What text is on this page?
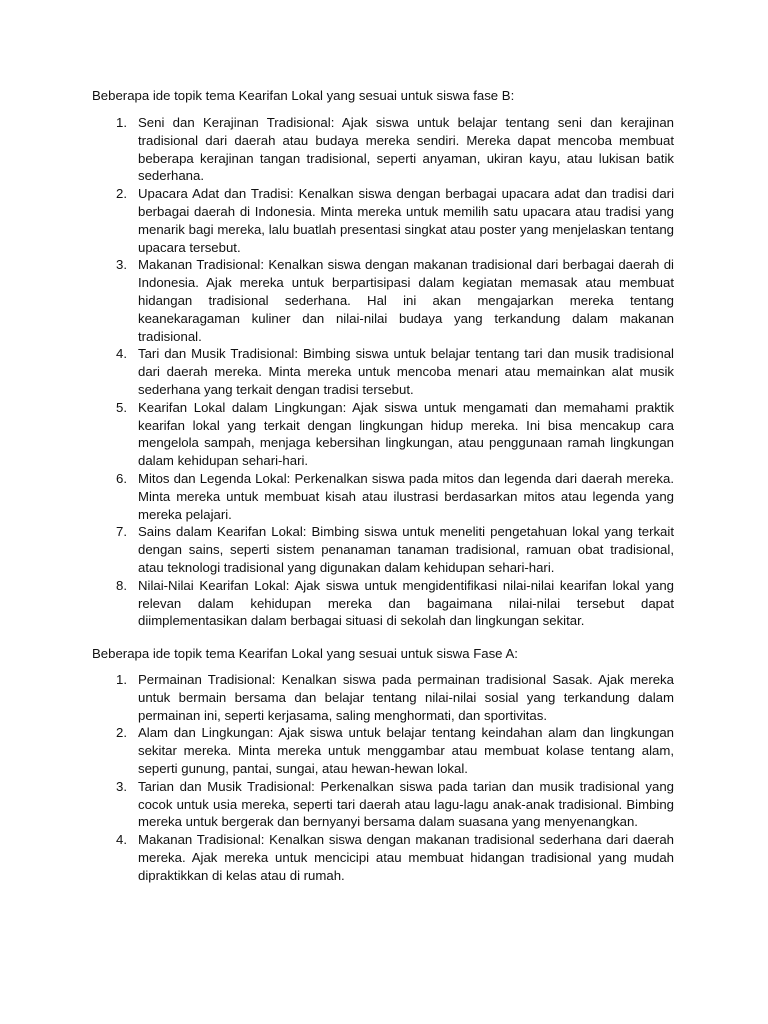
Beberapa ide topik tema Kearifan Lokal yang sesuai untuk siswa fase B:
1. Seni dan Kerajinan Tradisional: Ajak siswa untuk belajar tentang seni dan kerajinan tradisional dari daerah atau budaya mereka sendiri. Mereka dapat mencoba membuat beberapa kerajinan tangan tradisional, seperti anyaman, ukiran kayu, atau lukisan batik sederhana.
2. Upacara Adat dan Tradisi: Kenalkan siswa dengan berbagai upacara adat dan tradisi dari berbagai daerah di Indonesia. Minta mereka untuk memilih satu upacara atau tradisi yang menarik bagi mereka, lalu buatlah presentasi singkat atau poster yang menjelaskan tentang upacara tersebut.
3. Makanan Tradisional: Kenalkan siswa dengan makanan tradisional dari berbagai daerah di Indonesia. Ajak mereka untuk berpartisipasi dalam kegiatan memasak atau membuat hidangan tradisional sederhana. Hal ini akan mengajarkan mereka tentang keanekaragaman kuliner dan nilai-nilai budaya yang terkandung dalam makanan tradisional.
4. Tari dan Musik Tradisional: Bimbing siswa untuk belajar tentang tari dan musik tradisional dari daerah mereka. Minta mereka untuk mencoba menari atau memainkan alat musik sederhana yang terkait dengan tradisi tersebut.
5. Kearifan Lokal dalam Lingkungan: Ajak siswa untuk mengamati dan memahami praktik kearifan lokal yang terkait dengan lingkungan hidup mereka. Ini bisa mencakup cara mengelola sampah, menjaga kebersihan lingkungan, atau penggunaan ramah lingkungan dalam kehidupan sehari-hari.
6. Mitos dan Legenda Lokal: Perkenalkan siswa pada mitos dan legenda dari daerah mereka. Minta mereka untuk membuat kisah atau ilustrasi berdasarkan mitos atau legenda yang mereka pelajari.
7. Sains dalam Kearifan Lokal: Bimbing siswa untuk meneliti pengetahuan lokal yang terkait dengan sains, seperti sistem penanaman tanaman tradisional, ramuan obat tradisional, atau teknologi tradisional yang digunakan dalam kehidupan sehari-hari.
8. Nilai-Nilai Kearifan Lokal: Ajak siswa untuk mengidentifikasi nilai-nilai kearifan lokal yang relevan dalam kehidupan mereka dan bagaimana nilai-nilai tersebut dapat diimplementasikan dalam berbagai situasi di sekolah dan lingkungan sekitar.
Beberapa ide topik tema Kearifan Lokal yang sesuai untuk siswa Fase A:
1. Permainan Tradisional: Kenalkan siswa pada permainan tradisional Sasak. Ajak mereka untuk bermain bersama dan belajar tentang nilai-nilai sosial yang terkandung dalam permainan ini, seperti kerjasama, saling menghormati, dan sportivitas.
2. Alam dan Lingkungan: Ajak siswa untuk belajar tentang keindahan alam dan lingkungan sekitar mereka. Minta mereka untuk menggambar atau membuat kolase tentang alam, seperti gunung, pantai, sungai, atau hewan-hewan lokal.
3. Tarian dan Musik Tradisional: Perkenalkan siswa pada tarian dan musik tradisional yang cocok untuk usia mereka, seperti tari daerah atau lagu-lagu anak-anak tradisional. Bimbing mereka untuk bergerak dan bernyanyi bersama dalam suasana yang menyenangkan.
4. Makanan Tradisional: Kenalkan siswa dengan makanan tradisional sederhana dari daerah mereka. Ajak mereka untuk mencicipi atau membuat hidangan tradisional yang mudah dipraktikkan di kelas atau di rumah.
